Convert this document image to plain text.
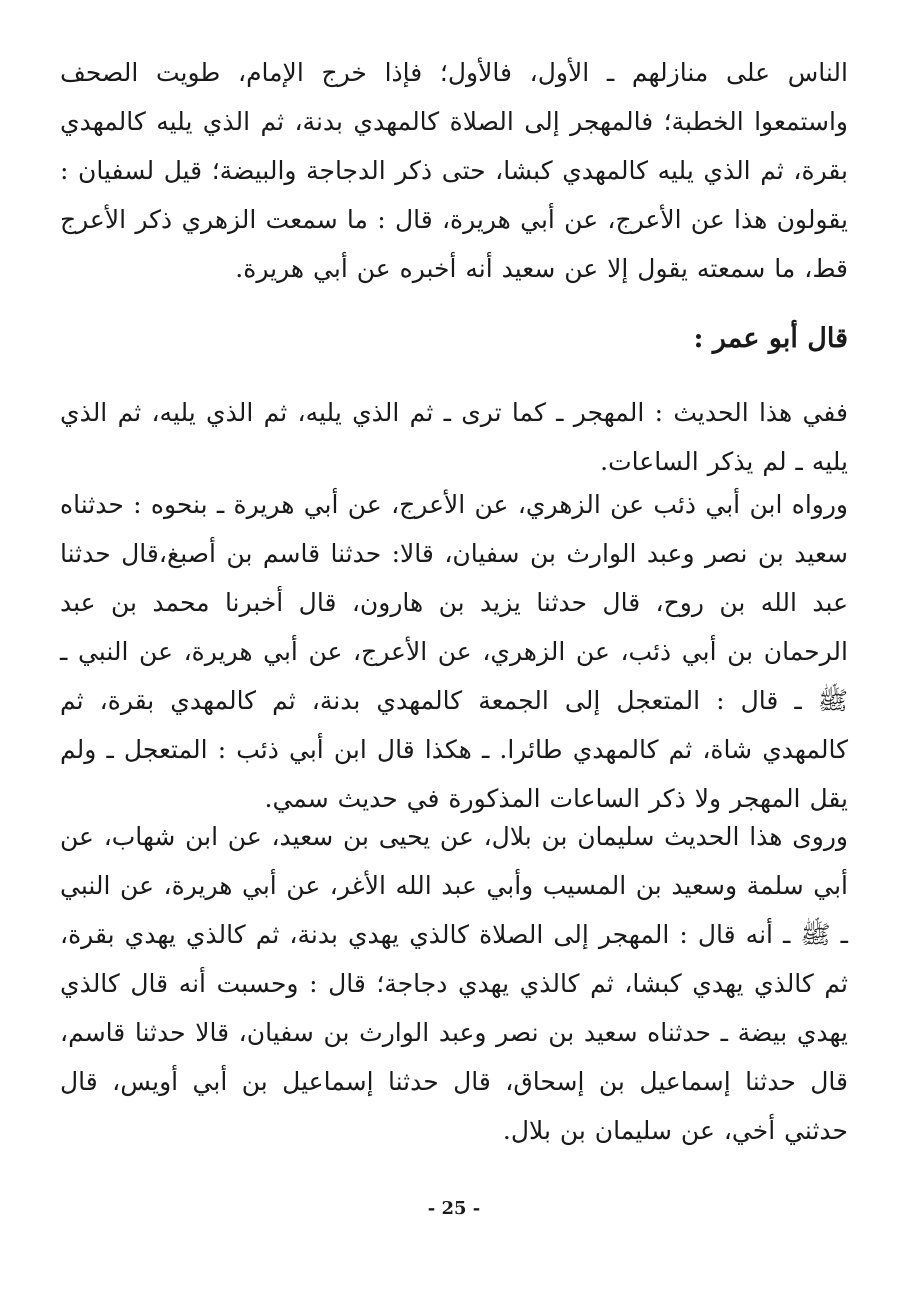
الناس على منازلهم ـ الأول، فالأول؛ فإذا خرج الإمام، طويت الصحف واستمعوا الخطبة؛ فالمهجر إلى الصلاة كالمهدي بدنة، ثم الذي يليه كالمهدي بقرة، ثم الذي يليه كالمهدي كبشا، حتى ذكر الدجاجة والبيضة؛ قيل لسفيان : يقولون هذا عن الأعرج، عن أبي هريرة، قال : ما سمعت الزهري ذكر الأعرج قط، ما سمعته يقول إلا عن سعيد أنه أخبره عن أبي هريرة.

قال أبو عمر :

ففي هذا الحديث : المهجر ـ كما ترى ـ ثم الذي يليه، ثم الذي يليه، ثم الذي يليه ـ لم يذكر الساعات.

ورواه ابن أبي ذئب عن الزهري، عن الأعرج، عن أبي هريرة ـ بنحوه : حدثناه سعيد بن نصر وعبد الوارث بن سفيان، قالا: حدثنا قاسم بن أصبغ،قال حدثنا عبد الله بن روح، قال حدثنا يزيد بن هارون، قال أخبرنا محمد بن عبد الرحمان بن أبي ذئب، عن الزهري، عن الأعرج، عن أبي هريرة، عن النبي ـ ﷺ ـ قال : المتعجل إلى الجمعة كالمهدي بدنة، ثم كالمهدي بقرة، ثم كالمهدي شاة، ثم كالمهدي طائرا. ـ هكذا قال ابن أبي ذئب : المتعجل ـ ولم يقل المهجر ولا ذكر الساعات المذكورة في حديث سمي.

وروى هذا الحديث سليمان بن بلال، عن يحيى بن سعيد، عن ابن شهاب، عن أبي سلمة وسعيد بن المسيب وأبي عبد الله الأغر، عن أبي هريرة، عن النبي ـ ﷺ ـ أنه قال : المهجر إلى الصلاة كالذي يهدي بدنة، ثم كالذي يهدي بقرة، ثم كالذي يهدي كبشا، ثم كالذي يهدي دجاجة؛ قال : وحسبت أنه قال كالذي يهدي بيضة ـ حدثناه سعيد بن نصر وعبد الوارث بن سفيان، قالا حدثنا قاسم، قال حدثنا إسماعيل بن إسحاق، قال حدثنا إسماعيل بن أبي أويس، قال حدثني أخي، عن سليمان بن بلال.

- 25 -
